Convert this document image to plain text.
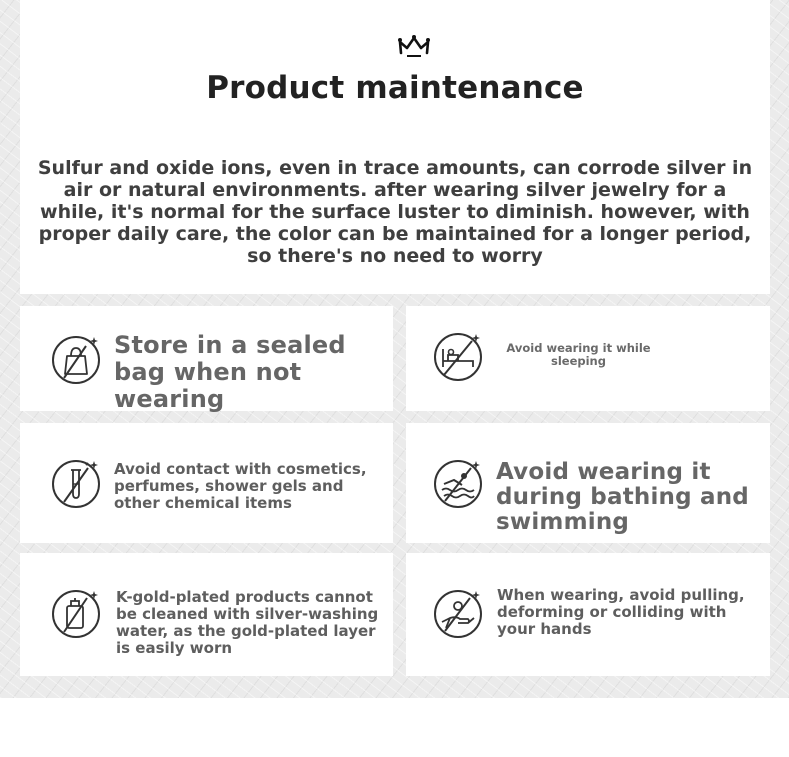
Product maintenance

Sulfur and oxide ions, even in trace amounts, can corrode silver in air or natural environments. after wearing silver jewelry for a while, it's normal for the surface luster to diminish. however, with proper daily care, the color can be maintained for a longer period, so there's no need to worry

Store in a sealed bag when not wearing

Avoid wearing it while sleeping

Avoid contact with cosmetics, perfumes, shower gels and other chemical items

Avoid wearing it during bathing and swimming

K-gold-plated products cannot be cleaned with silver-washing water, as the gold-plated layer is easily worn

When wearing, avoid pulling, deforming or colliding with your hands
